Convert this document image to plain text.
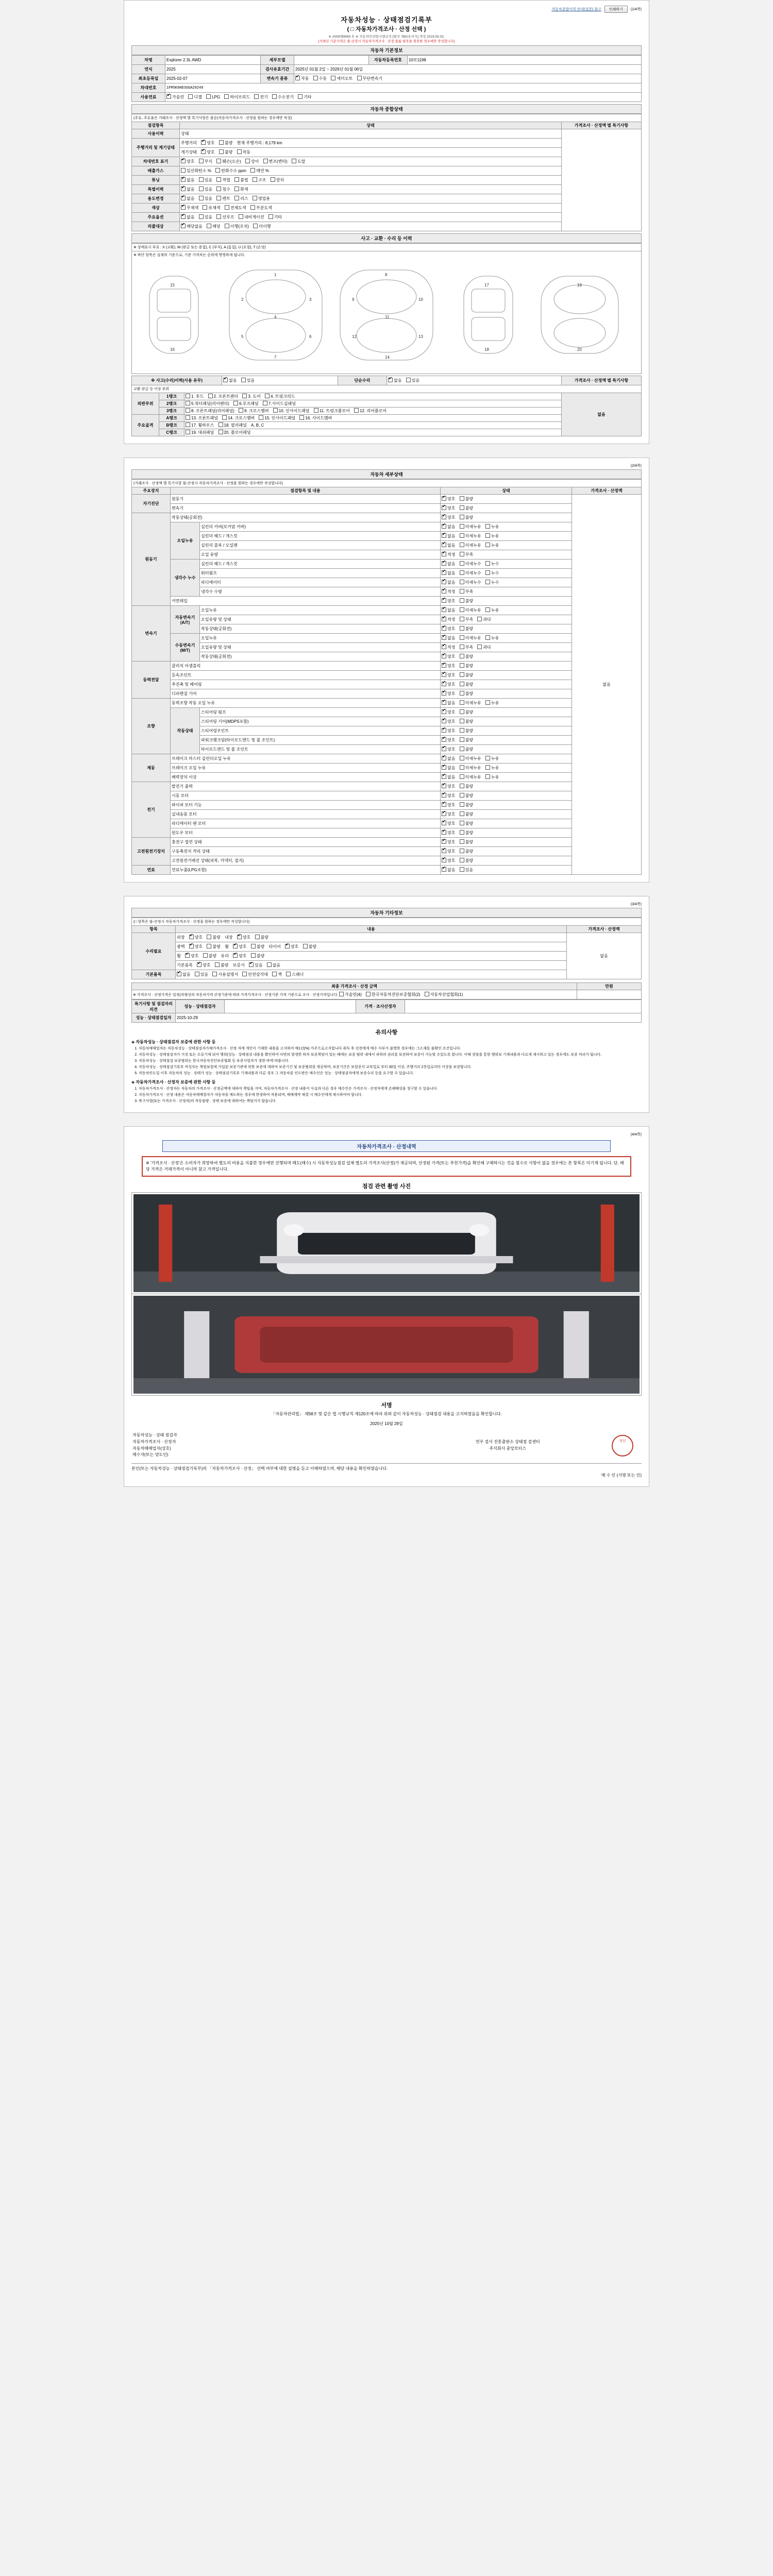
자동차종합이력 안내(설문) 참고	인쇄하기	(1/4쪽)
자동차성능 · 상태점검기록부
( □ 자동차가격조사 · 산정 선택 )
※ 2009해9999 호 ※ 자동차민리법시행규칙 [별지 제82호서식] 개정 2019.05.03.
(거래신 기준가격은 볼-산정시 자동차가격조사 · 산정 불롬 항목을 점검한 경우에만 작성합니다)
자동차 기본정보
차명	Explorer 2.3L AWD	세부모델		자동차등록번호	10모1198
연식	2025	검사유효기간	2025년 01월 2일 ~ 2026년 01월 06일		
최초등록일	2025-02-07	변속기 종류	✔자동 수동 세미오토 무단변속기
차대번호	1FM5K8HD3SGA29249				
사용연료	✔가솔린 디젤 LPG 하이브리드 전기 수소전기 기타
자동차 종합상태
(주유, 주유율은 거래조사 · 산정액 별 특기사항은 불순(자동차가격조사 · 산정을 원하는 경우에만 작성)
점검항목	상태	가격조사 · 산정액 별 특기사항
사용이력	상태	
주행거리 및 계기상태	주행거리 ✔ 양호 불량 현재 주행거리 : 8,179 km
	계기상태 ✔ 양호 불량 작동
차대번호 표기	✔양호 부식 훼손(오손) 상이 변조(변타) 도말
배출가스	일산화탄소 % 탄화수소 ppm 매연 %	
튜닝	✔없음 있음 적법 불법 구조 장치
특별이력	✔없음 있음 침수 화재
용도변경	✔없음 있음 렌트 리스 영업용
색상	✔무채색 유채색 전체도색 부분도색
주요옵션	✔없음 있음 선루프 내비게이션 기타
리콜대상	✔해당없음 해당 이행(조치) 미이행
사고 · 교환 · 수리 등 이력
※ 상태표시 부호 : X (교환), W (판금 또는 용접), C (부식), A (흠집), U (요철), T (손상)
※ 하단 항목은 실제의 기준으로, 기준 가격차는 순위에 명명하세 됩니다.
1
2	3
4
5	6
7
8
9	10
11
12	13
14
15
16
17
18
19
20
※ 사고(수리)이력(사용 유무)	✔없음 있음	단순수리	✔없음 있음	가격조사 · 산정액 별 특기사항
교환·판금 등 이상 부위
외판부위	1랭크	1. 후드 2. 프론트팬더 3. 도어 4. 트렁크리드	없음
	2랭크	5.쿼터패널(리어펜더) 6.루프패널 7.사이드실패널	
	3랭크	8. 프론트패널(리어패널) 9. 크로스맴버 10. 인사이드패널 11. 트렁크플로어 12. 리어플로어	
주요골격	A랭크	13. 프론트패널 14. 크로스맴버 15. 인사이드패널 16. 사이드맴버	
	B랭크	17. 휠하우스 18. 필러패널 A, B, C	
	C랭크	19. 대쉬패널 20. 플로어패널	
(2/4쪽)
자동차 세부상태
(거래조사 · 산정액 별 특기사항 불-산정시 자동차가격조사 · 산정을 원하는 경우에만 작성합니다)
주요장치	점검항목 및 내용		상태	가격조사 · 산정액
자기진단	원동기	✔양호 불량	없음
	변속기	✔양호 불량
원동기	작동상태(공회전)	✔양호 불량
	오일누유	실린더 커버(로커암 커버)	✔없음 미세누유 누유
		실린더 헤드 / 개스킷	✔없음 미세누유 누유
		실린더 블록 / 오일팬	✔없음 미세누유 누유
		오일 유량	✔적정 부족
	냉각수 누수	실린더 헤드 / 개스킷	✔없음 미세누수 누수
		워터펌프	✔없음 미세누수 누수
		라디에이터	✔없음 미세누수 누수
		냉각수 수량	✔적정 부족
	커먼레일	✔양호 불량
변속기	자동변속기(A/T)	오일누유	✔없음 미세누유 누유
		오일유량 및 상태	✔적정 부족 과다
		작동상태(공회전)	✔양호 불량
	수동변속기(M/T)	오일누유	✔없음 미세누유 누유
		오일유량 및 상태	✔적정 부족 과다
		작동상태(공회전)	✔양호 불량
동력전달	클러치 어셈블리	✔양호 불량
	등속조인트	✔양호 불량
	추진축 및 베어링	✔양호 불량
	디퍼렌셜 기어	✔양호 불량
조향	동력조향 작동 오일 누유	✔없음 미세누유 누유
	작동상태	스티어링 펌프	✔양호 불량
		스티어링 기어(MDPS포함)	✔양호 불량
		스티어링조인트	✔양호 불량
		파워크랭크암(타이로드엔드 및 볼 조인트)	✔양호 불량
		타이로드엔드 및 볼 조인트	✔양호 불량
제동	브레이크 마스터 실린더오일 누유	✔없음 미세누유 누유
	브레이크 오일 누유	✔없음 미세누유 누유
	배력장치 이상	✔없음 미세누유 누유
전기	발전기 출력	✔양호 불량
	시동 모터	✔양호 불량
	와이퍼 모터 기능	✔양호 불량
	실내송풍 모터	✔양호 불량
	라디에이터 팬 모터	✔양호 불량
	윈도우 모터	✔양호 불량
고전원전기장치	충전구 절연 상태	✔양호 불량
	구동축전지 격리 상태	✔양호 불량
	고전원전기배선 상태(피복, 커넥터, 접지)	✔양호 불량
연료	연료누출(LPG포함)	✔없음 있음
(3/4쪽)
자동차 기타정보
(□ 항목은 불-산정시 자동차가격조사 · 산정을 원하는 경우에만 작성합니다)
항목	내용	가격조사 · 산정액
수리필요	외장 ✔ 양호 불량 내장 ✔ 양호 불량	없음
	광택 ✔ 양호 불량 휠 ✔ 양호 불량 타이어 ✔ 양호 불량
	휠 ✔ 양호 불량 유리 ✔ 양호 불량
	기본품목 ✔ 양호 불량 보증서 ✔ 있음 없음
기본품목	✔없음 있음 사용설명서 안전삼각대 잭 스패너
최종 가격조사 · 산정 금액	만원
※ 가격조사 · 산정가격은 일정(차량상의 자동차가격 산정기준에 따라 가격가격조사 · 산정기준 가격 기준으로 조사 · 산정가격입니다. 가솔린(4) 한국자동차진단보증협회(2) 자동차산업협회(1)	
특기사항 및 점검자의 의견	성능 · 상태점검자		가격 · 조사산정자	
성능 · 상태점검일자	2025-10-29			
유의사항
◈ 자동차성능 · 상태점검자 보증에 관한 사항 등
1. 자동차매매업자는 자동차성능 · 상태점검자가체가격조사 · 산정 자에 개인이 기재한 내용을 고지하여 매1년(%) 가주으로고지합니다 취득 후 선전에게 매수 사부가 불명한 경우에는 그소재를 불확인 조건입니다.
2. 자동차성능 · 상태점검자가 거짓 또는 오류기재 되어 행위(성능 · 상태점검 내용을 확인하여 다면의 발생한 하자 보증책임이 있는 때에는 보증 범위 내에서 귀하의 권리를 보전하여 보증이 가능할 수있도록 합니다. 이때 상담을 통한 행위보 기재내용과 다르게 제시하고 있는 경우에도 보증 처리가 됩니다.
3. 자동차성능 · 상태점검 보증범위는 한국자동차진단보증협회 등 보증사업자가 정한 바에 따릅니다.
4. 자동차성능 · 상태점검기록부 작성자는 책임보험에 가입된 보증기관에 의한 보증에 대하여 보증기간 및 보증범위를 제공하며, 보증기간은 보험증서 교부일로 부터 30일 이상, 주행거리 2천킬로미터 이상을 보장합니다.
5. 자동차인도일 이후 자동차의 성능 · 상태가 성능 · 상태점검기록부 기재내용과 다른 경우 그 자동차를 인도받은 매수인은 성능 · 상태점검자에게 보증수리 등을 요구할 수 있습니다.
◈ 자동차가격조사 · 산정자 보증에 관한 사항 등
1. 자동차가격조사 · 산정자는 자동차의 가격조사 · 산정금액에 대하여 책임을 지며, 자동차가격조사 · 산정 내용이 사실과 다른 경우 매수인은 가격조사 · 산정자에게 손해배상을 청구할 수 있습니다.
2. 자동차가격조사 · 산정 내용은 자동차매매업자가 자동차를 매도하는 경우에 한정하여 적용되며, 매매계약 체결 시 매수인에게 제시하여야 합니다.
3. 복구사항(또는 가격조사 · 산정차)의 작동불량 · 상태 보증에 대하여는 책임지지 않습니다.
(4/4쪽)
자동차가격조사 · 산정내역
※ '가격조사 · 산정'은 소비자가 희망하여 별도의 비용을 지불한 경우에만 진행되며 매도(매수) 시 자동차성능점검 업체 별도의 가격조사(산정)가 제공되며, 산정된 가격(또는 추천가격)을 확인해 구매하시는 것을 필수로 사항이 없을 경우에는 본 항목은 미기재 됩니다. 단, 해당 가격은 거래가격이 아니며 참고 가격입니다.
점검 관련 촬영 사진
서명
「자동차관리법」 제58조 및 같은 법 시행규칙 제120조에 따라 위와 같이 자동차성능 · 상태점검 내용을 고지하였음을 확인합니다.
2025년 10월 29일
자동차성능 · 상태 점검자
자동차가격조사 · 산정자
자동차매매업자(상호)
매수자(또는 양도인)

연우 검사 진흥출판소 상태점 검센터
주식회사 중앙모터스
	직인
본인(또는 자동차성능 · 상태점검기록부)의 「자동차가격조사 · 산정」 선택 여부에 대한 설명을 듣고 이해하였으며, 해당 내용을 확인하였습니다.
매 수 인 (서명 또는 인)
